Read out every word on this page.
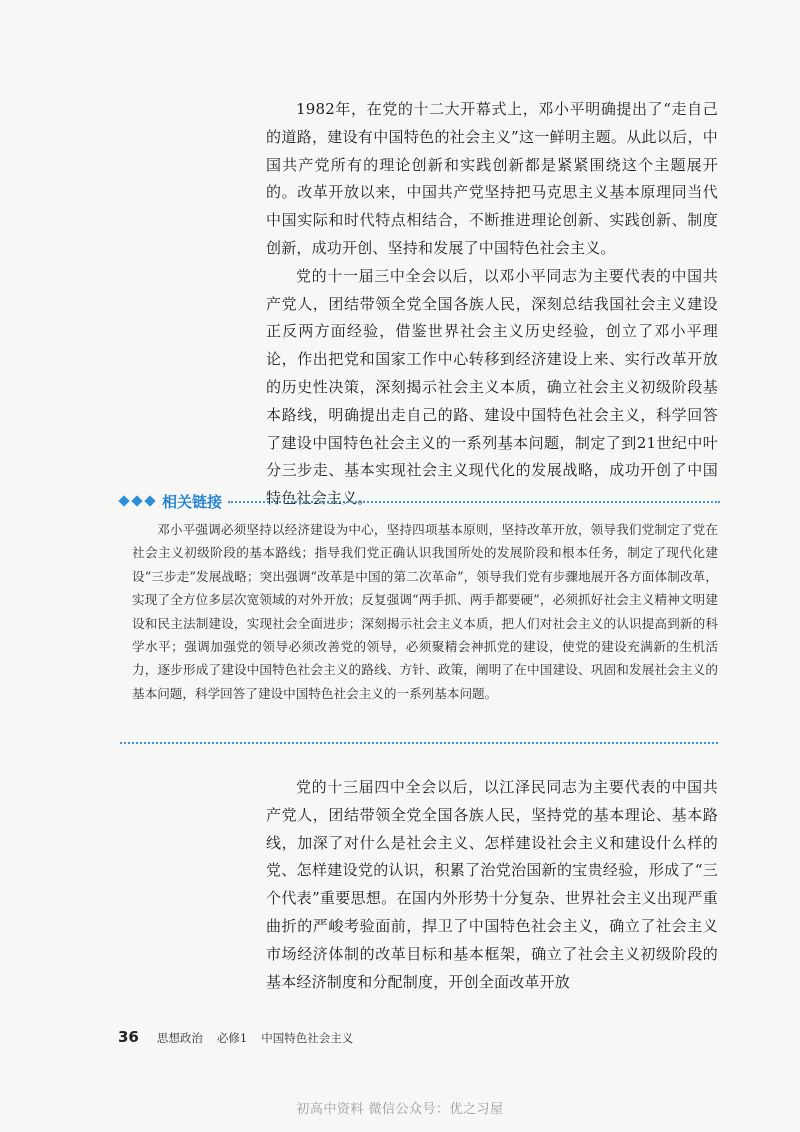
1982年，在党的十二大开幕式上，邓小平明确提出了“走自己的道路，建设有中国特色的社会主义”这一鲜明主题。从此以后，中国共产党所有的理论创新和实践创新都是紧紧围绕这个主题展开的。改革开放以来，中国共产党坚持把马克思主义基本原理同当代中国实际和时代特点相结合，不断推进理论创新、实践创新、制度创新，成功开创、坚持和发展了中国特色社会主义。

党的十一届三中全会以后，以邓小平同志为主要代表的中国共产党人，团结带领全党全国各族人民，深刻总结我国社会主义建设正反两方面经验，借鉴世界社会主义历史经验，创立了邓小平理论，作出把党和国家工作中心转移到经济建设上来、实行改革开放的历史性决策，深刻揭示社会主义本质，确立社会主义初级阶段基本路线，明确提出走自己的路、建设中国特色社会主义，科学回答了建设中国特色社会主义的一系列基本问题，制定了到21世纪中叶分三步走、基本实现社会主义现代化的发展战略，成功开创了中国特色社会主义。

相关链接

邓小平强调必须坚持以经济建设为中心，坚持四项基本原则，坚持改革开放，领导我们党制定了党在社会主义初级阶段的基本路线；指导我们党正确认识我国所处的发展阶段和根本任务，制定了现代化建设“三步走”发展战略；突出强调“改革是中国的第二次革命”，领导我们党有步骤地展开各方面体制改革，实现了全方位多层次宽领域的对外开放；反复强调“两手抓、两手都要硬”，必须抓好社会主义精神文明建设和民主法制建设，实现社会全面进步；深刻揭示社会主义本质，把人们对社会主义的认识提高到新的科学水平；强调加强党的领导必须改善党的领导，必须聚精会神抓党的建设，使党的建设充满新的生机活力，逐步形成了建设中国特色社会主义的路线、方针、政策，阐明了在中国建设、巩固和发展社会主义的基本问题，科学回答了建设中国特色社会主义的一系列基本问题。

党的十三届四中全会以后，以江泽民同志为主要代表的中国共产党人，团结带领全党全国各族人民，坚持党的基本理论、基本路线，加深了对什么是社会主义、怎样建设社会主义和建设什么样的党、怎样建设党的认识，积累了治党治国新的宝贵经验，形成了“三个代表”重要思想。在国内外形势十分复杂、世界社会主义出现严重曲折的严峻考验面前，捍卫了中国特色社会主义，确立了社会主义市场经济体制的改革目标和基本框架，确立了社会主义初级阶段的基本经济制度和分配制度，开创全面改革开放

36 思想政治 必修1 中国特色社会主义
初高中资料 微信公众号：优之习屋
